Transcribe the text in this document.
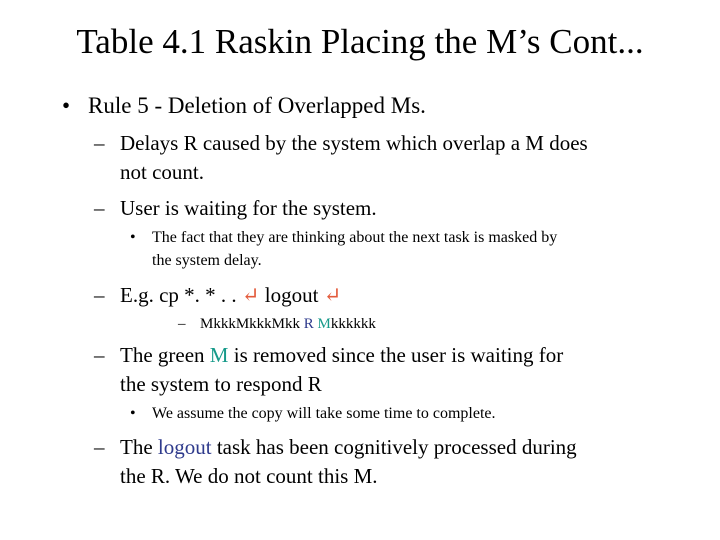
Table 4.1 Raskin Placing the M’s Cont...
• Rule 5 - Deletion of Overlapped Ms.
– Delays R caused by the system which overlap a M does
not count.
– User is waiting for the system.
• The fact that they are thinking about the next task is masked by
the system delay.
– E.g. cp *. * . . ↵ logout ↵
– MkkkMkkkMkk R Mkkkkkk
– The green M is removed since the user is waiting for
the system to respond R
• We assume the copy will take some time to complete.
– The logout task has been cognitively processed during
the R. We do not count this M.
